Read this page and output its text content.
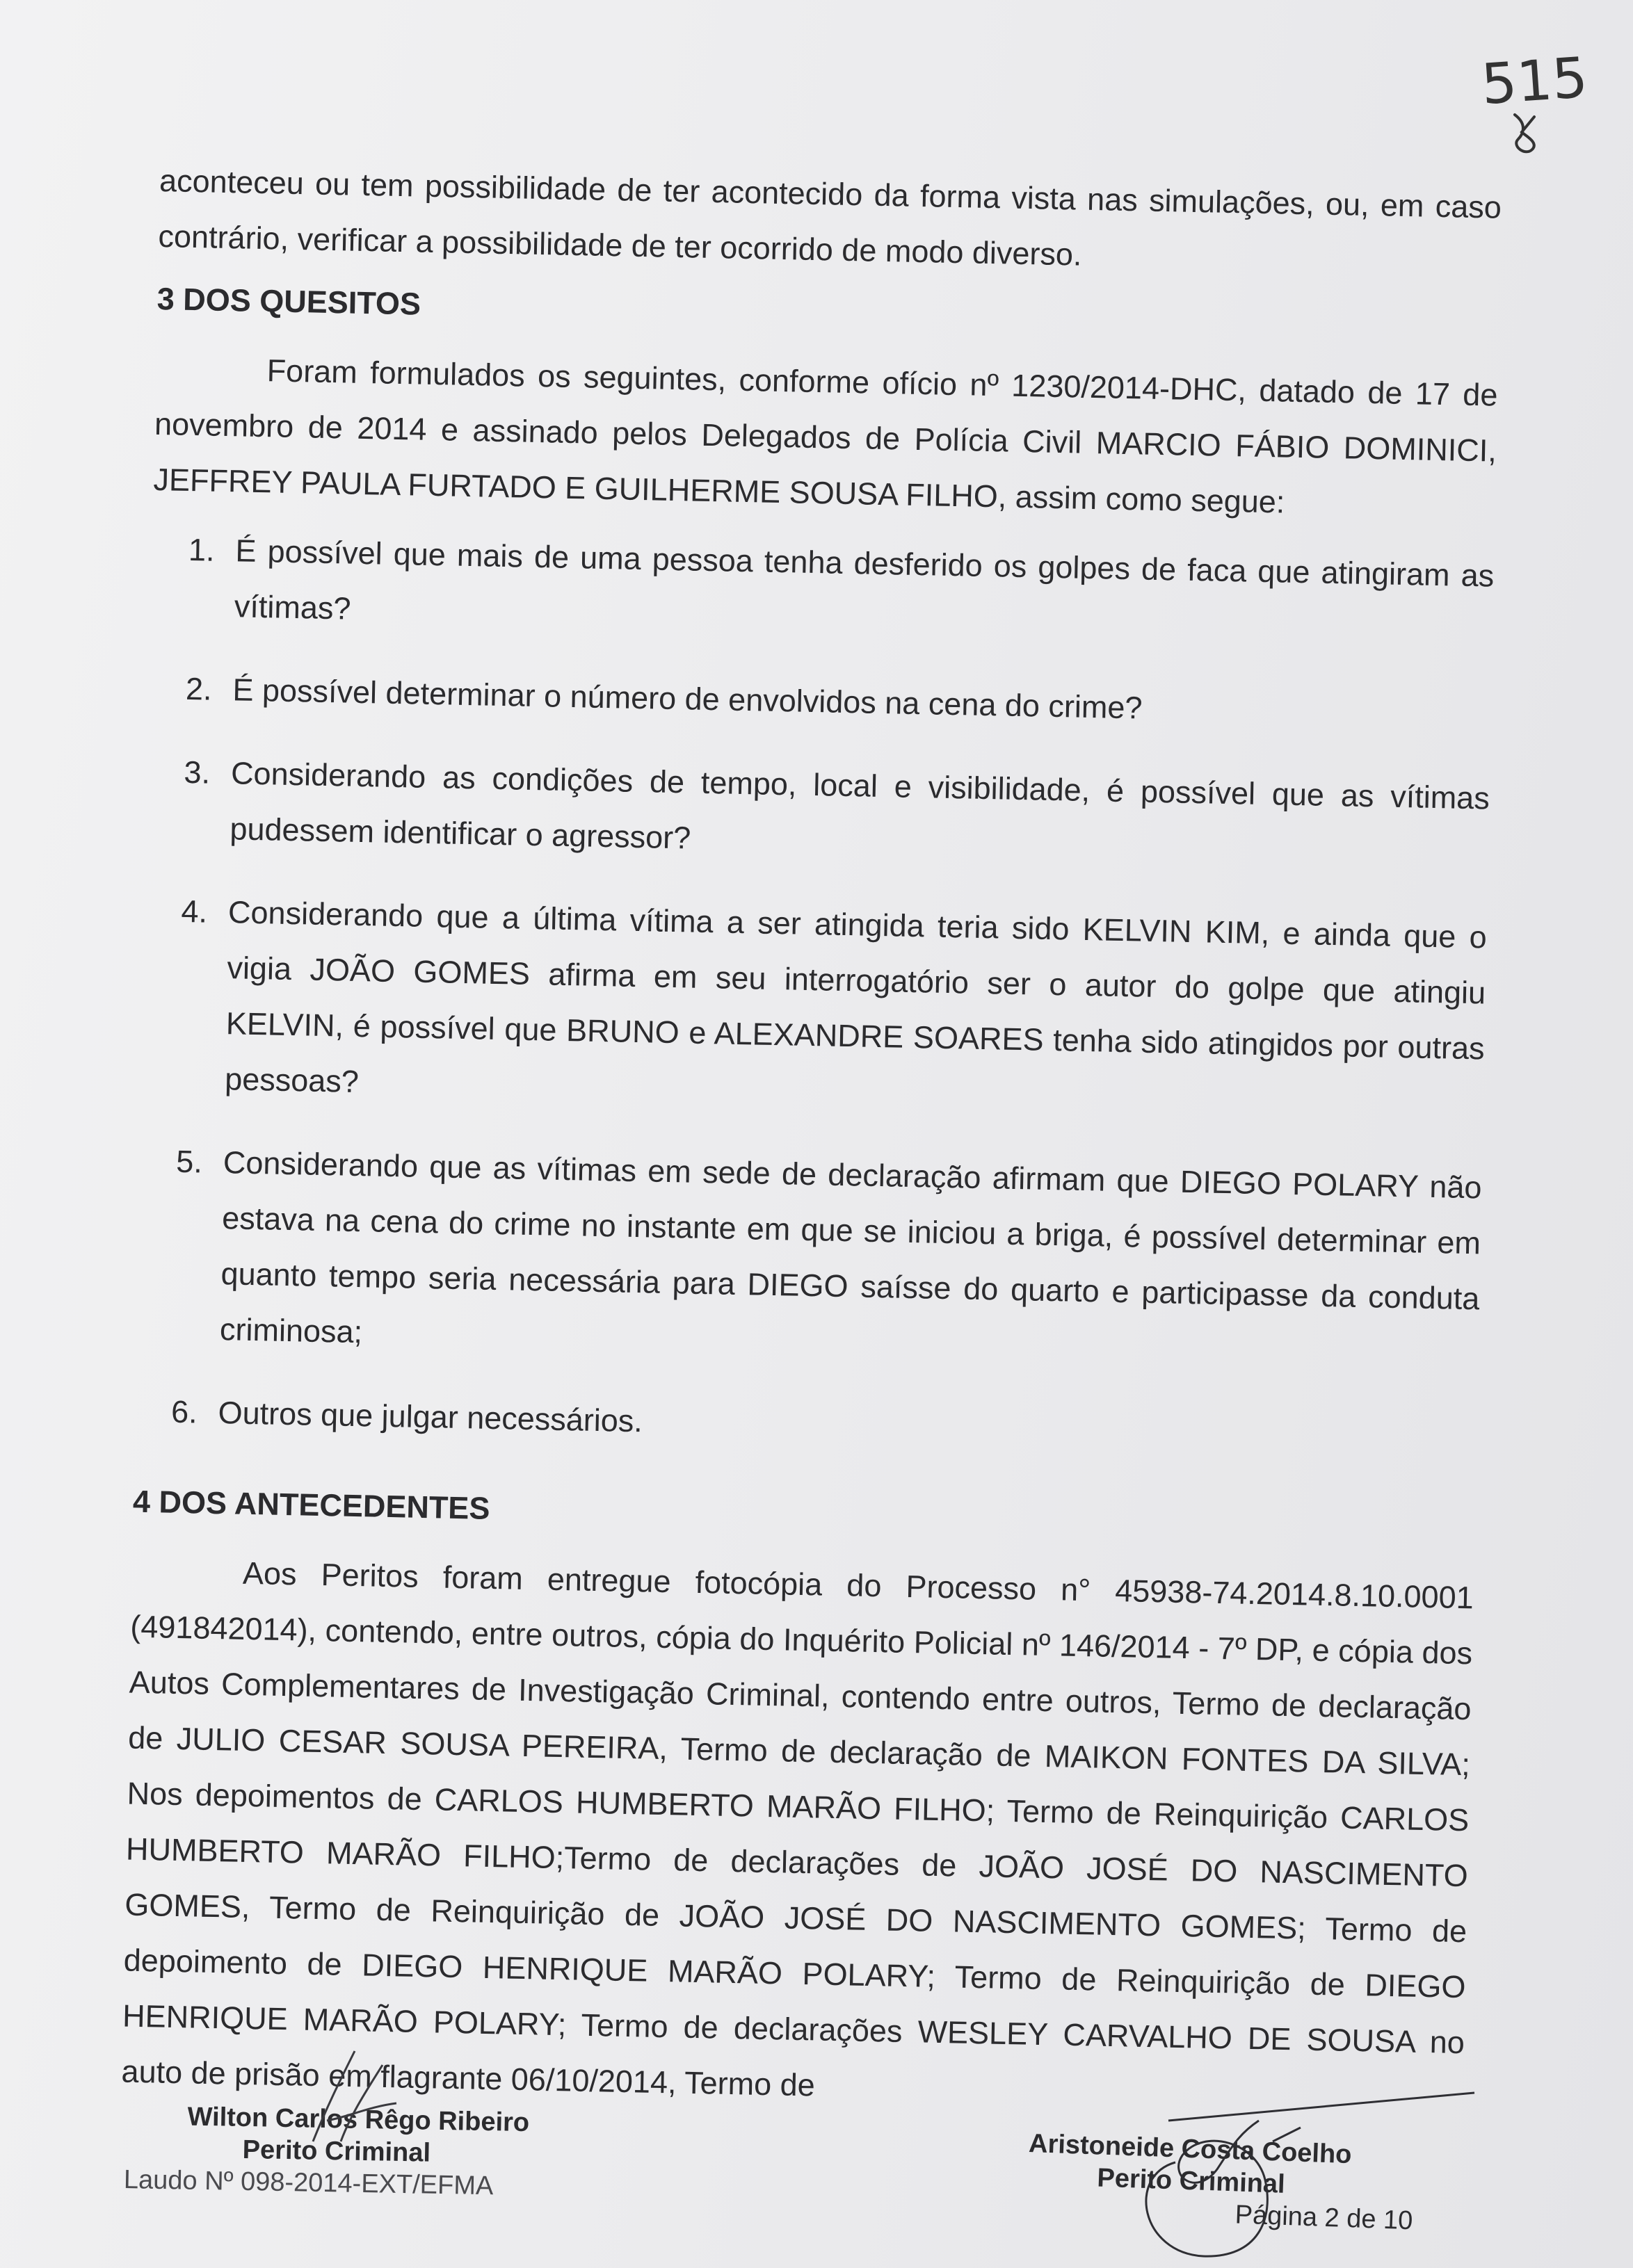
515

aconteceu ou tem possibilidade de ter acontecido da forma vista nas simulações, ou, em caso contrário, verificar a possibilidade de ter ocorrido de modo diverso.

3 DOS QUESITOS

Foram formulados os seguintes, conforme ofício nº 1230/2014-DHC, datado de 17 de novembro de 2014 e assinado pelos Delegados de Polícia Civil MARCIO FÁBIO DOMINICI, JEFFREY PAULA FURTADO E GUILHERME SOUSA FILHO, assim como segue:

1. É possível que mais de uma pessoa tenha desferido os golpes de faca que atingiram as vítimas?
2. É possível determinar o número de envolvidos na cena do crime?
3. Considerando as condições de tempo, local e visibilidade, é possível que as vítimas pudessem identificar o agressor?
4. Considerando que a última vítima a ser atingida teria sido KELVIN KIM, e ainda que o vigia JOÃO GOMES afirma em seu interrogatório ser o autor do golpe que atingiu KELVIN, é possível que BRUNO e ALEXANDRE SOARES tenha sido atingidos por outras pessoas?
5. Considerando que as vítimas em sede de declaração afirmam que DIEGO POLARY não estava na cena do crime no instante em que se iniciou a briga, é possível determinar em quanto tempo seria necessária para DIEGO saísse do quarto e participasse da conduta criminosa;
6. Outros que julgar necessários.
4 DOS ANTECEDENTES

Aos Peritos foram entregue fotocópia do Processo n° 45938-74.2014.8.10.0001 (491842014), contendo, entre outros, cópia do Inquérito Policial nº 146/2014 - 7º DP, e cópia dos Autos Complementares de Investigação Criminal, contendo entre outros, Termo de declaração de JULIO CESAR SOUSA PEREIRA, Termo de declaração de MAIKON FONTES DA SILVA; Nos depoimentos de CARLOS HUMBERTO MARÃO FILHO; Termo de Reinquirição CARLOS HUMBERTO MARÃO FILHO;Termo de declarações de JOÃO JOSÉ DO NASCIMENTO GOMES, Termo de Reinquirição de JOÃO JOSÉ DO NASCIMENTO GOMES; Termo de depoimento de DIEGO HENRIQUE MARÃO POLARY; Termo de Reinquirição de DIEGO HENRIQUE MARÃO POLARY; Termo de declarações WESLEY CARVALHO DE SOUSA no auto de prisão em flagrante 06/10/2014, Termo de

Wilton Carlos Rêgo Ribeiro
Perito Criminal
Laudo Nº 098-2014-EXT/EFMA
Aristoneide Costa Coelho
Perito Criminal
Página 2 de 10
